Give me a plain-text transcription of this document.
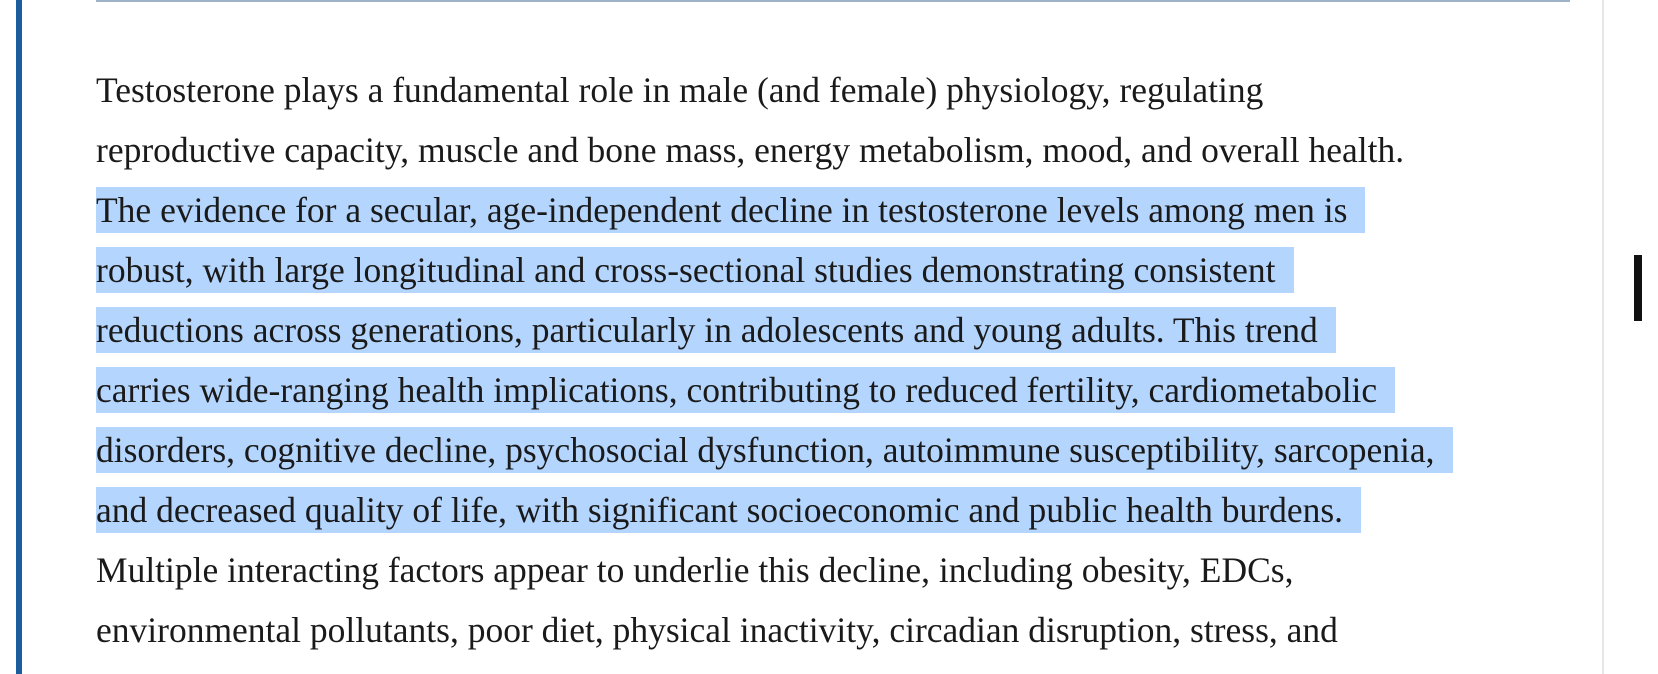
Testosterone plays a fundamental role in male (and female) physiology, regulating
reproductive capacity, muscle and bone mass, energy metabolism, mood, and overall health.
The evidence for a secular, age-independent decline in testosterone levels among men is
robust, with large longitudinal and cross-sectional studies demonstrating consistent
reductions across generations, particularly in adolescents and young adults. This trend
carries wide-ranging health implications, contributing to reduced fertility, cardiometabolic
disorders, cognitive decline, psychosocial dysfunction, autoimmune susceptibility, sarcopenia,
and decreased quality of life, with significant socioeconomic and public health burdens.
Multiple interacting factors appear to underlie this decline, including obesity, EDCs,
environmental pollutants, poor diet, physical inactivity, circadian disruption, stress, and
